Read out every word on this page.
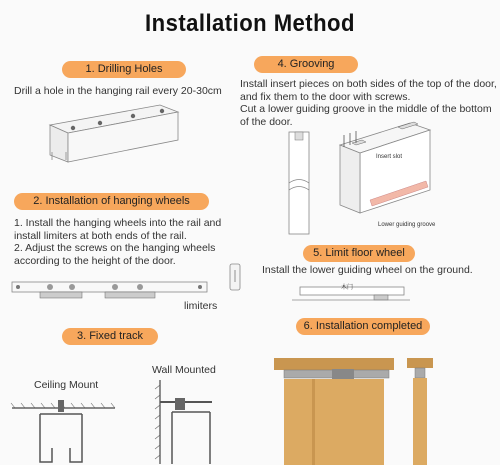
Installation Method
1. Drilling Holes
Drill a hole in the hanging rail every 20-30cm
4. Grooving
Install insert pieces on both sides of the top of the door, and fix them to the door with screws.
Cut a lower guiding groove in the middle of the bottom of the door.
Insert slot
Lower guiding groove
2. Installation of hanging wheels
1. Install the hanging wheels into the rail and install limiters at both ends of the rail.
2. Adjust the screws on the hanging wheels according to the height of the door.
limiters
5. Limit floor wheel
Install the lower guiding wheel on the ground.
木门
3. Fixed track
Ceiling Mount
Wall Mounted
6. Installation completed
